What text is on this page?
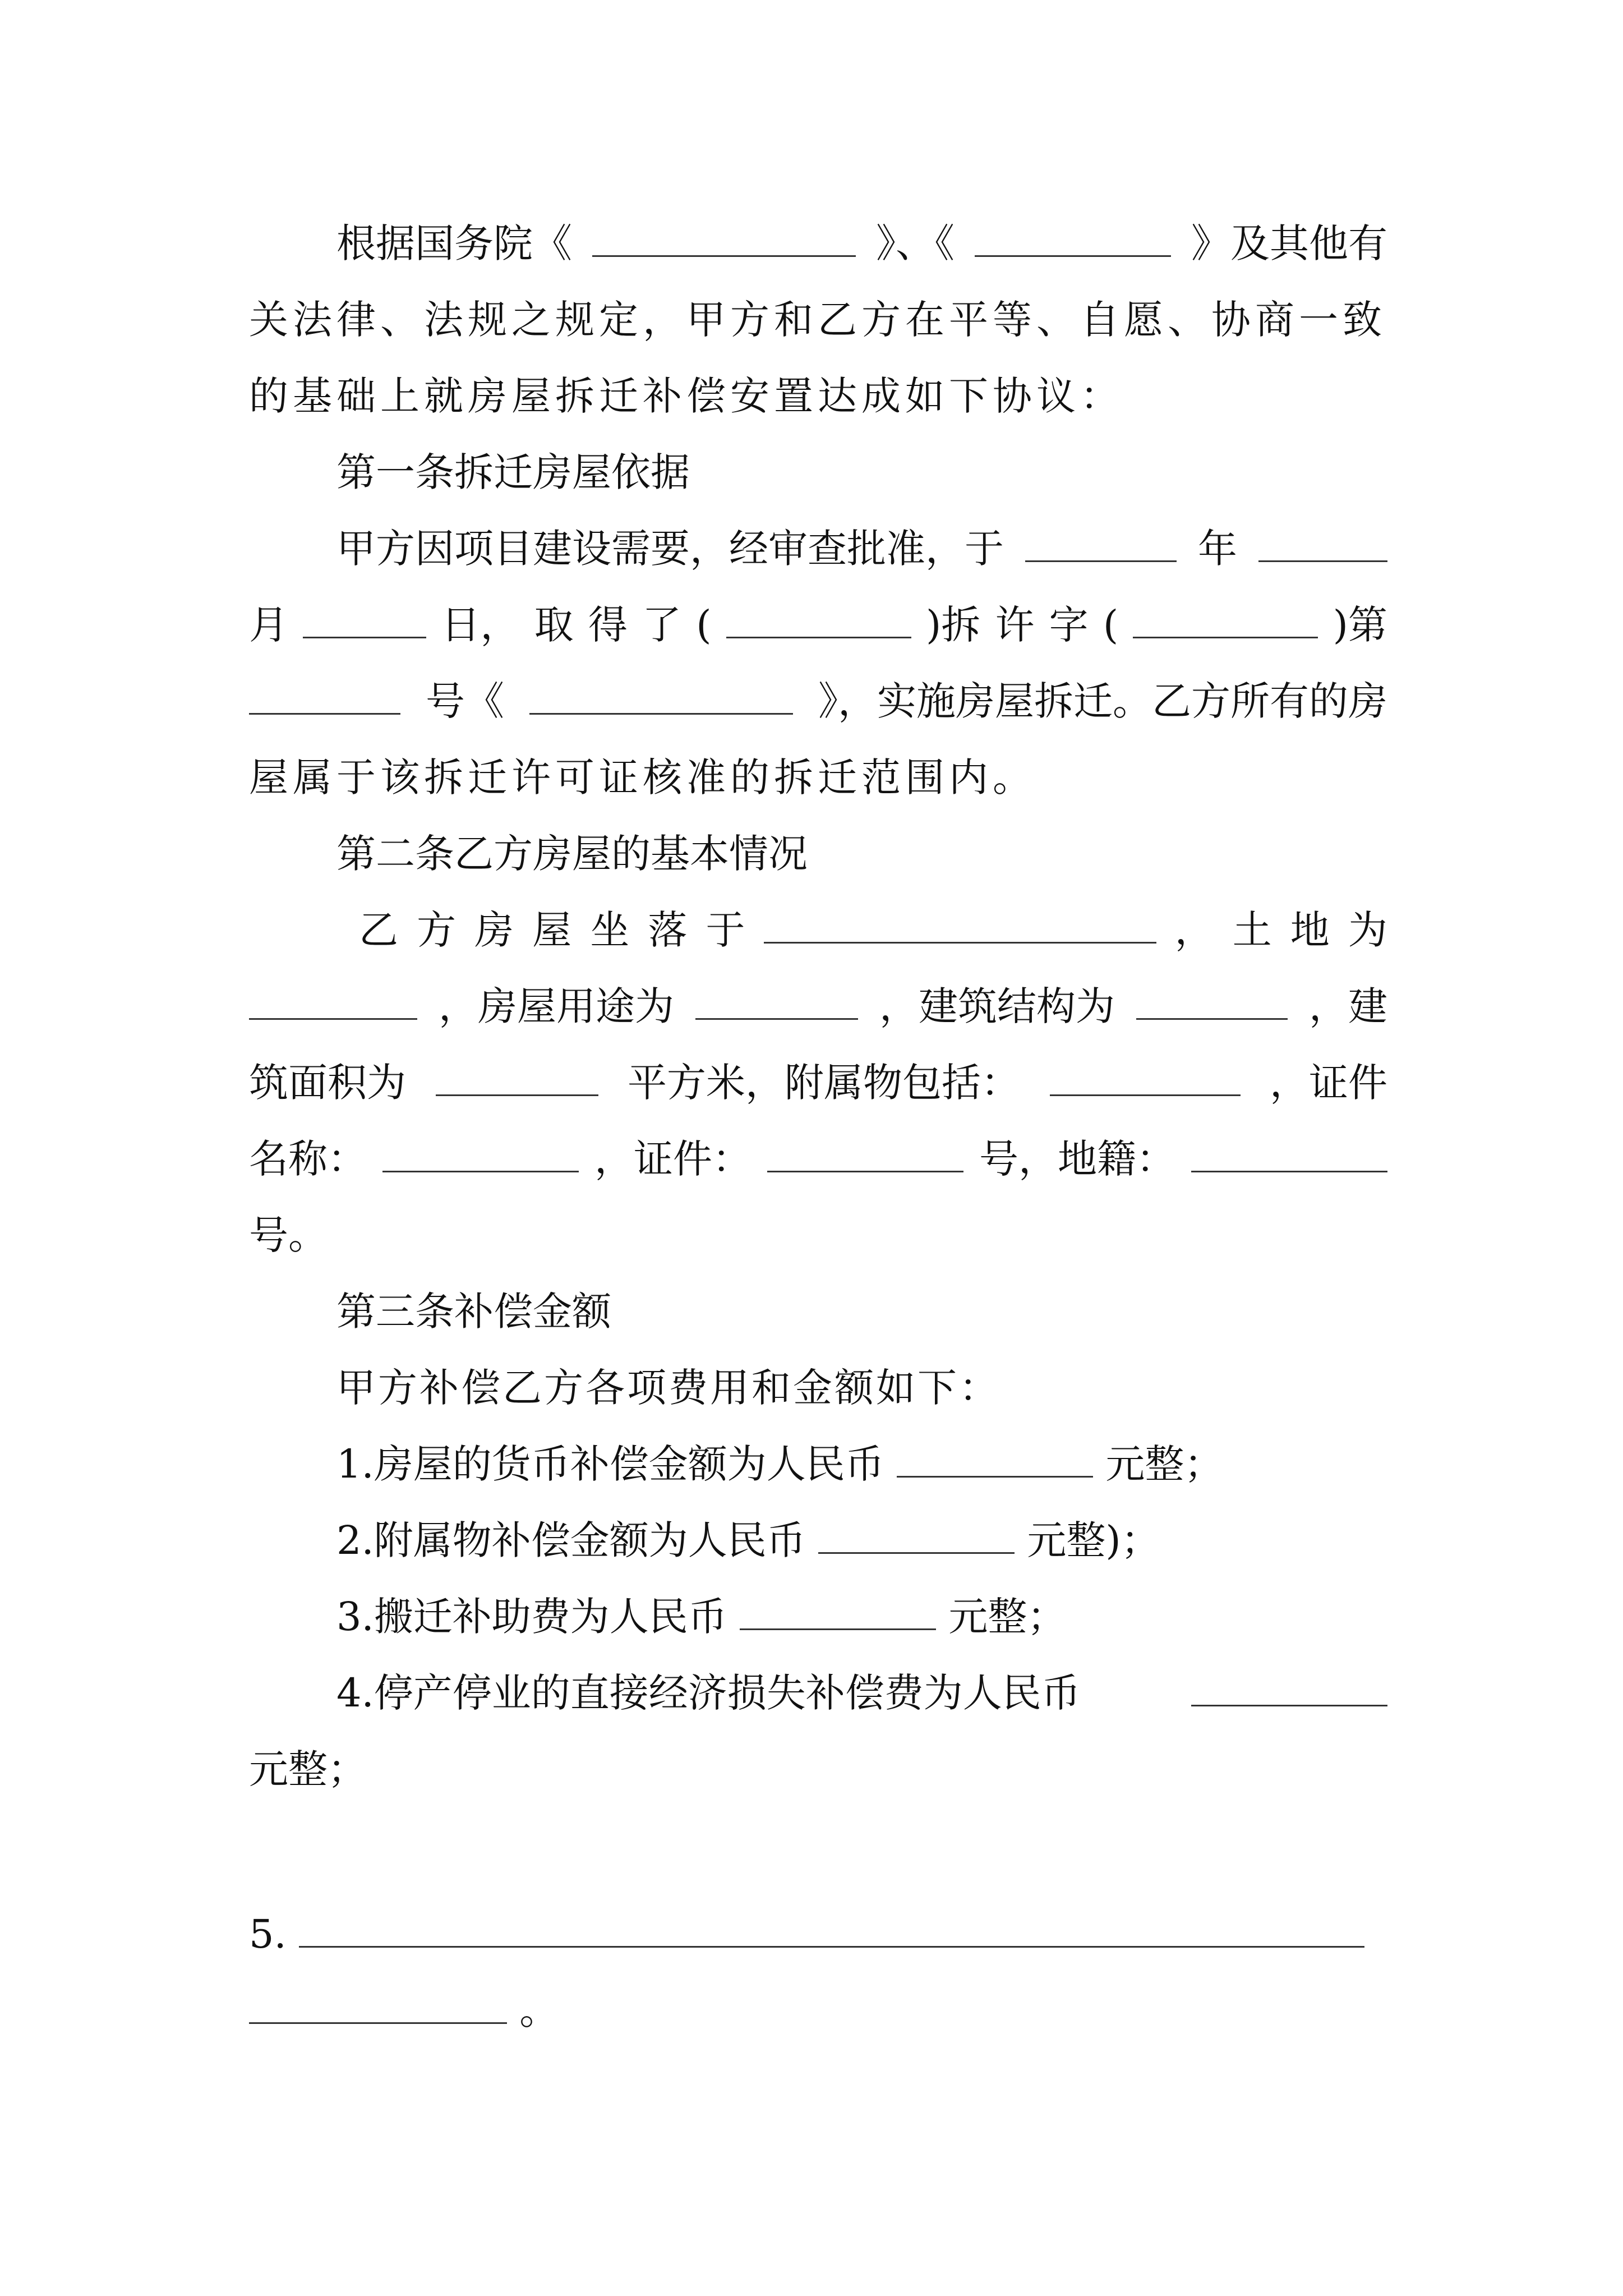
根据国务院《	》、《	》及其他有
关法律、法规之规定，甲方和乙方在平等、自愿、协商一致
的基础上就房屋拆迁补偿安置达成如下协议：
第一条拆迁房屋依据
甲方因项目建设需要，经审查批准，于	年
月	日， 取 得 了 (	)拆 许 字 (	)第
号《	》，实施房屋拆迁。乙方所有的房
屋属于该拆迁许可证核准的拆迁范围内。
第二条乙方房屋的基本情况
乙 方 房 屋 坐 落 于	， 土 地 为
，房屋用途为	，建筑结构为	，建
筑面积为	平方米，附属物包括：	，证件
名称：	，证件：	号，地籍：
号。
第三条补偿金额
甲方补偿乙方各项费用和金额如下：
1.房屋的货币补偿金额为人民币	元整；
2.附属物补偿金额为人民币	元整)；
3.搬迁补助费为人民币	元整；
4.停产停业的直接经济损失补偿费为人民币
元整；
5.
。
